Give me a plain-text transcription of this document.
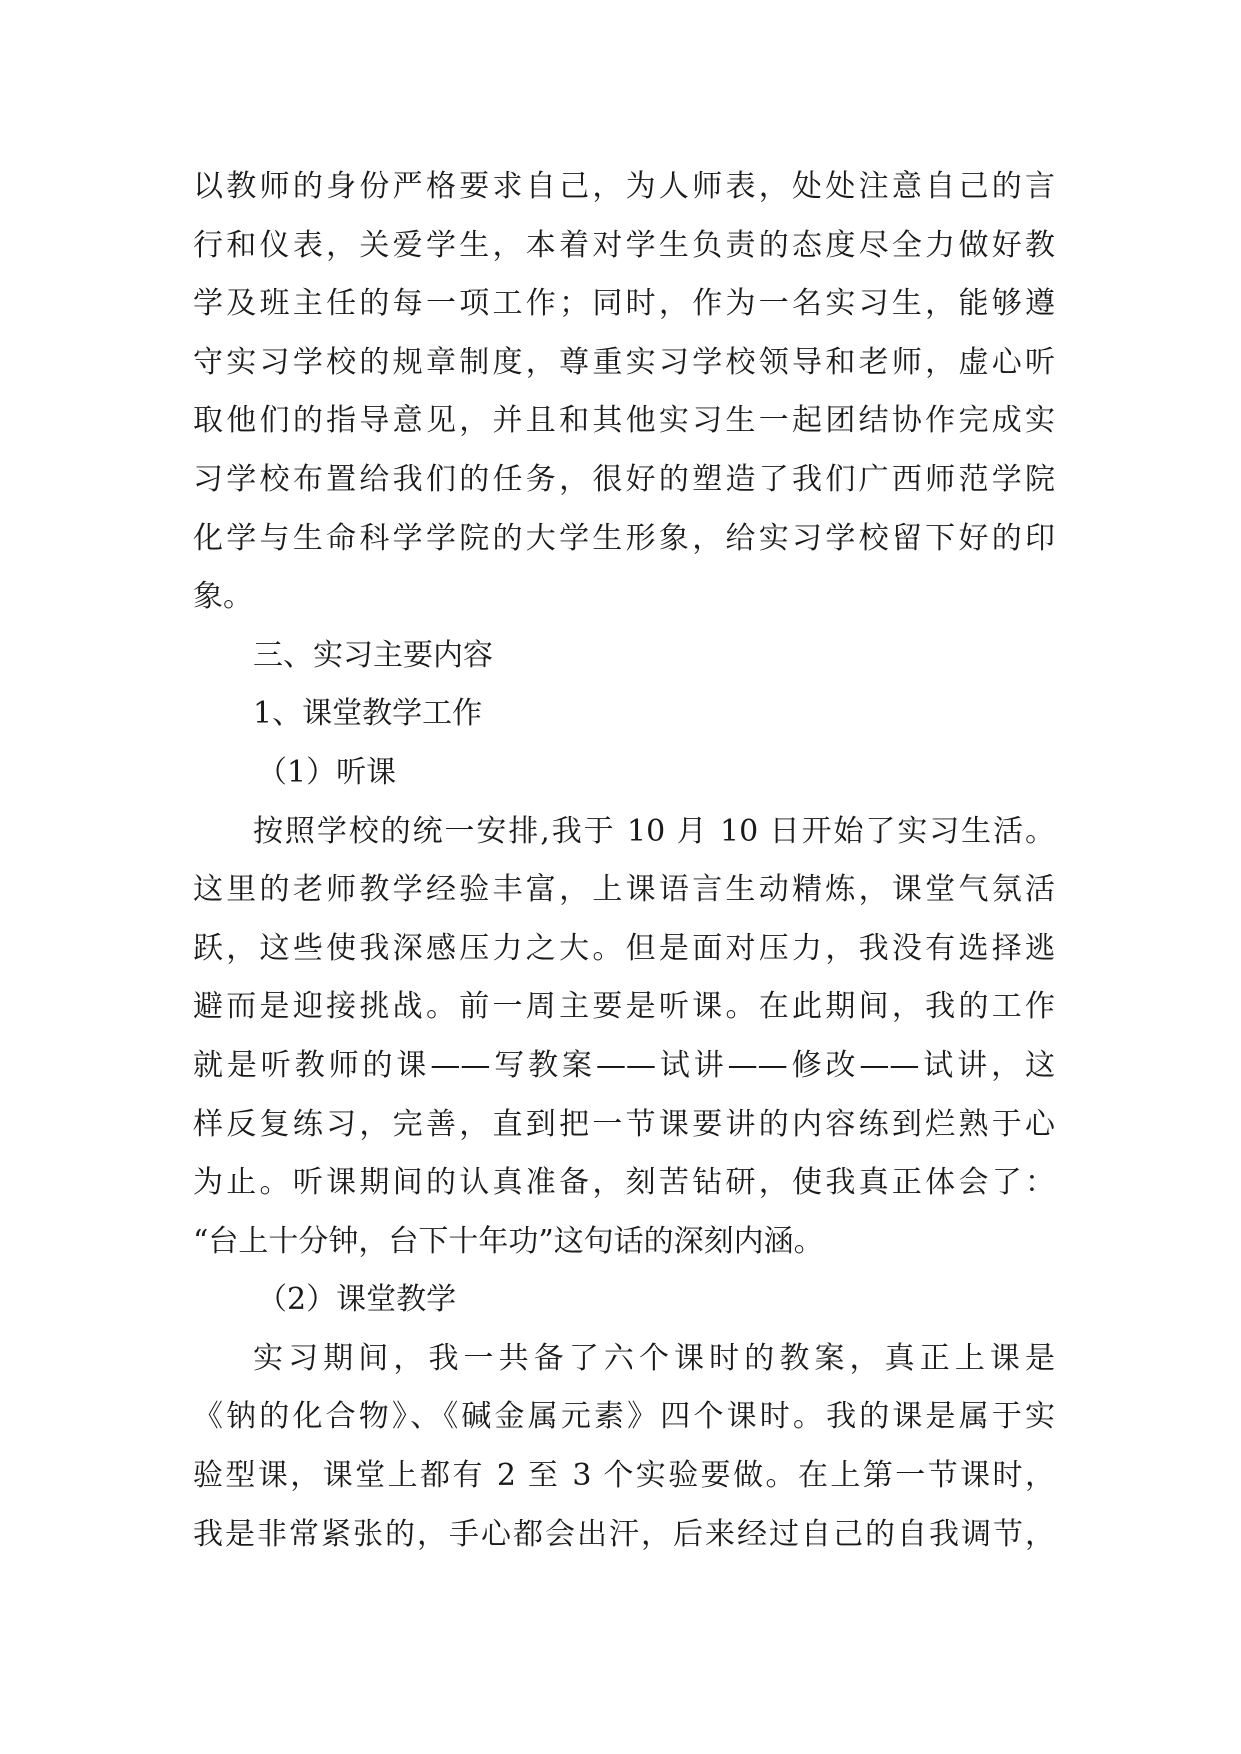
以教师的身份严格要求自己，为人师表，处处注意自己的言
行和仪表，关爱学生，本着对学生负责的态度尽全力做好教
学及班主任的每一项工作；同时，作为一名实习生，能够遵
守实习学校的规章制度，尊重实习学校领导和老师，虚心听
取他们的指导意见，并且和其他实习生一起团结协作完成实
习学校布置给我们的任务，很好的塑造了我们广西师范学院
化学与生命科学学院的大学生形象，给实习学校留下好的印
象。
三、实习主要内容
1、课堂教学工作
（1）听课
按照学校的统一安排,我于 10 月 10 日开始了实习生活。
这里的老师教学经验丰富，上课语言生动精炼，课堂气氛活
跃，这些使我深感压力之大。但是面对压力，我没有选择逃
避而是迎接挑战。前一周主要是听课。在此期间，我的工作
就是听教师的课——写教案——试讲——修改——试讲，这
样反复练习，完善，直到把一节课要讲的内容练到烂熟于心
为止。听课期间的认真准备，刻苦钻研，使我真正体会了：
“台上十分钟，台下十年功”这句话的深刻内涵。
（2）课堂教学
实习期间，我一共备了六个课时的教案，真正上课是
《钠的化合物》、《碱金属元素》四个课时。我的课是属于实
验型课，课堂上都有 2 至 3 个实验要做。在上第一节课时，
我是非常紧张的，手心都会出汗，后来经过自己的自我调节，
